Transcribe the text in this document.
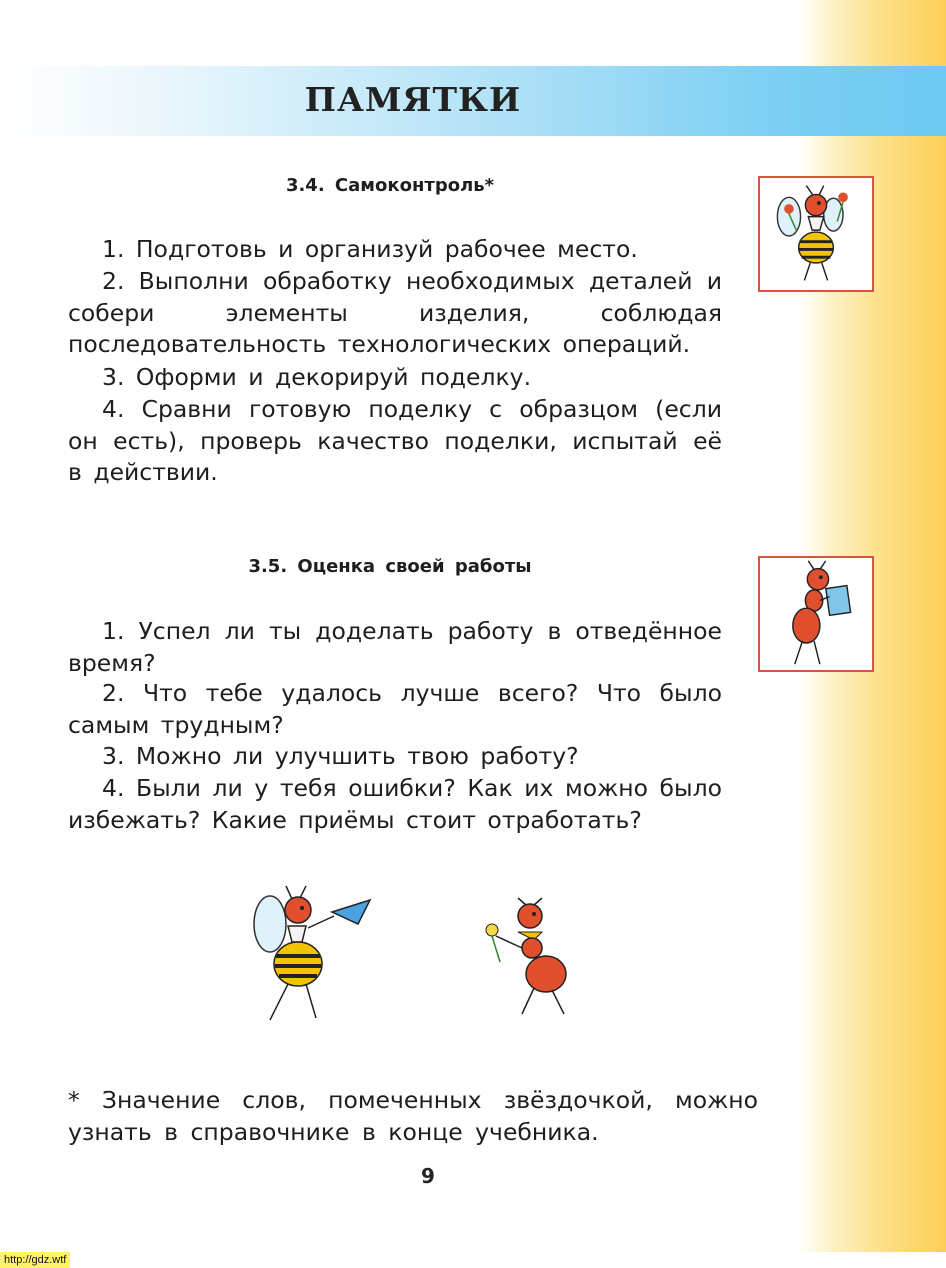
ПАМЯТКИ
3.4. Самоконтроль*

1. Подготовь и организуй рабочее место.

2. Выполни обработку необходимых деталей и собери элементы изделия, соблюдая последовательность технологических операций.

3. Оформи и декорируй поделку.

4. Сравни готовую поделку с образцом (если он есть), проверь качество поделки, испытай её в действии.

3.5. Оценка своей работы

1. Успел ли ты доделать работу в отведённое время?

2. Что тебе удалось лучше всего? Что было самым трудным?

3. Можно ли улучшить твою работу?

4. Были ли у тебя ошибки? Как их можно было избежать? Какие приёмы стоит отработать?

* Значение слов, помеченных звёздочкой, можно узнать в справочнике в конце учебника.

9
http://gdz.wtf
